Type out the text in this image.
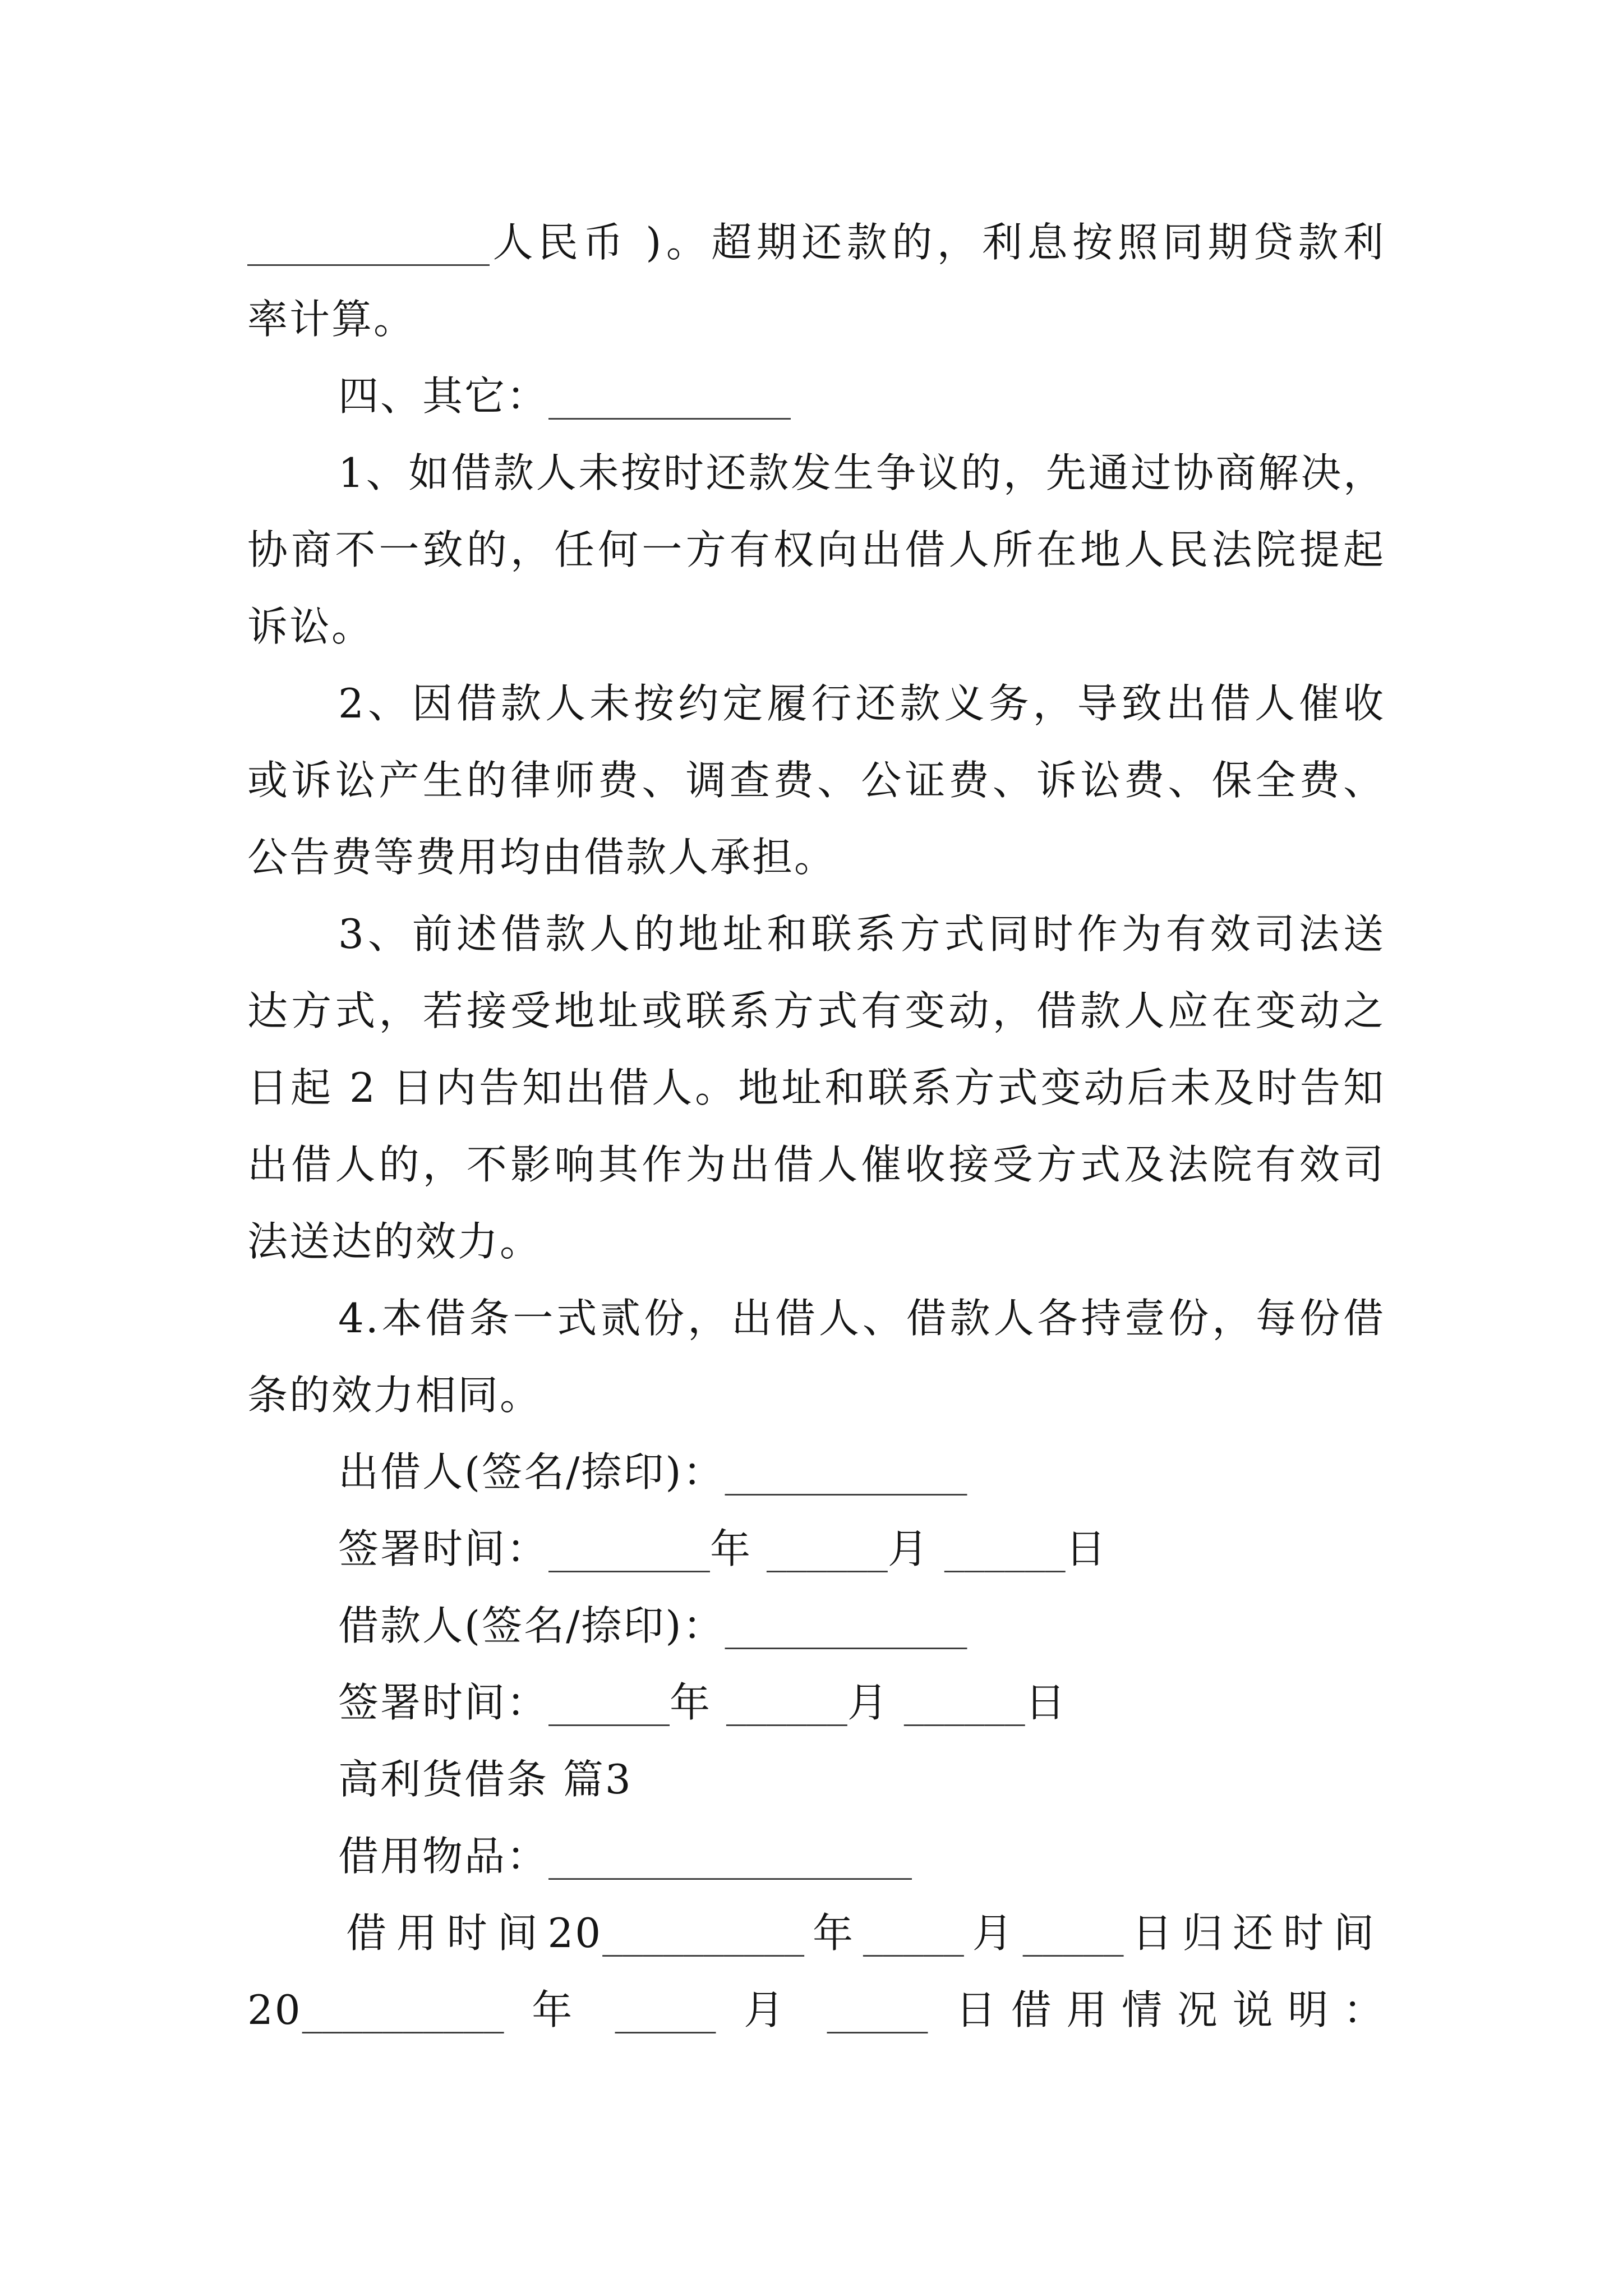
____________人民币 )。超期还款的，利息按照同期贷款利
率计算。
四、其它：____________
1、如借款人未按时还款发生争议的，先通过协商解决，
协商不一致的，任何一方有权向出借人所在地人民法院提起
诉讼。
2、因借款人未按约定履行还款义务，导致出借人催收
或诉讼产生的律师费、调查费、公证费、诉讼费、保全费、
公告费等费用均由借款人承担。
3、前述借款人的地址和联系方式同时作为有效司法送
达方式，若接受地址或联系方式有变动，借款人应在变动之
日起 2 日内告知出借人。地址和联系方式变动后未及时告知
出借人的，不影响其作为出借人催收接受方式及法院有效司
法送达的效力。
4.本借条一式贰份，出借人、借款人各持壹份，每份借
条的效力相同。
出借人(签名/捺印)：____________
签署时间：________年 ______月 ______日
借款人(签名/捺印)：____________
签署时间：______年 ______月 ______日
高利货借条 篇3
借用物品：__________________
借用时间20__________年_____月_____日归还时间
20__________ 年 _____ 月 _____ 日借用情况说明：
